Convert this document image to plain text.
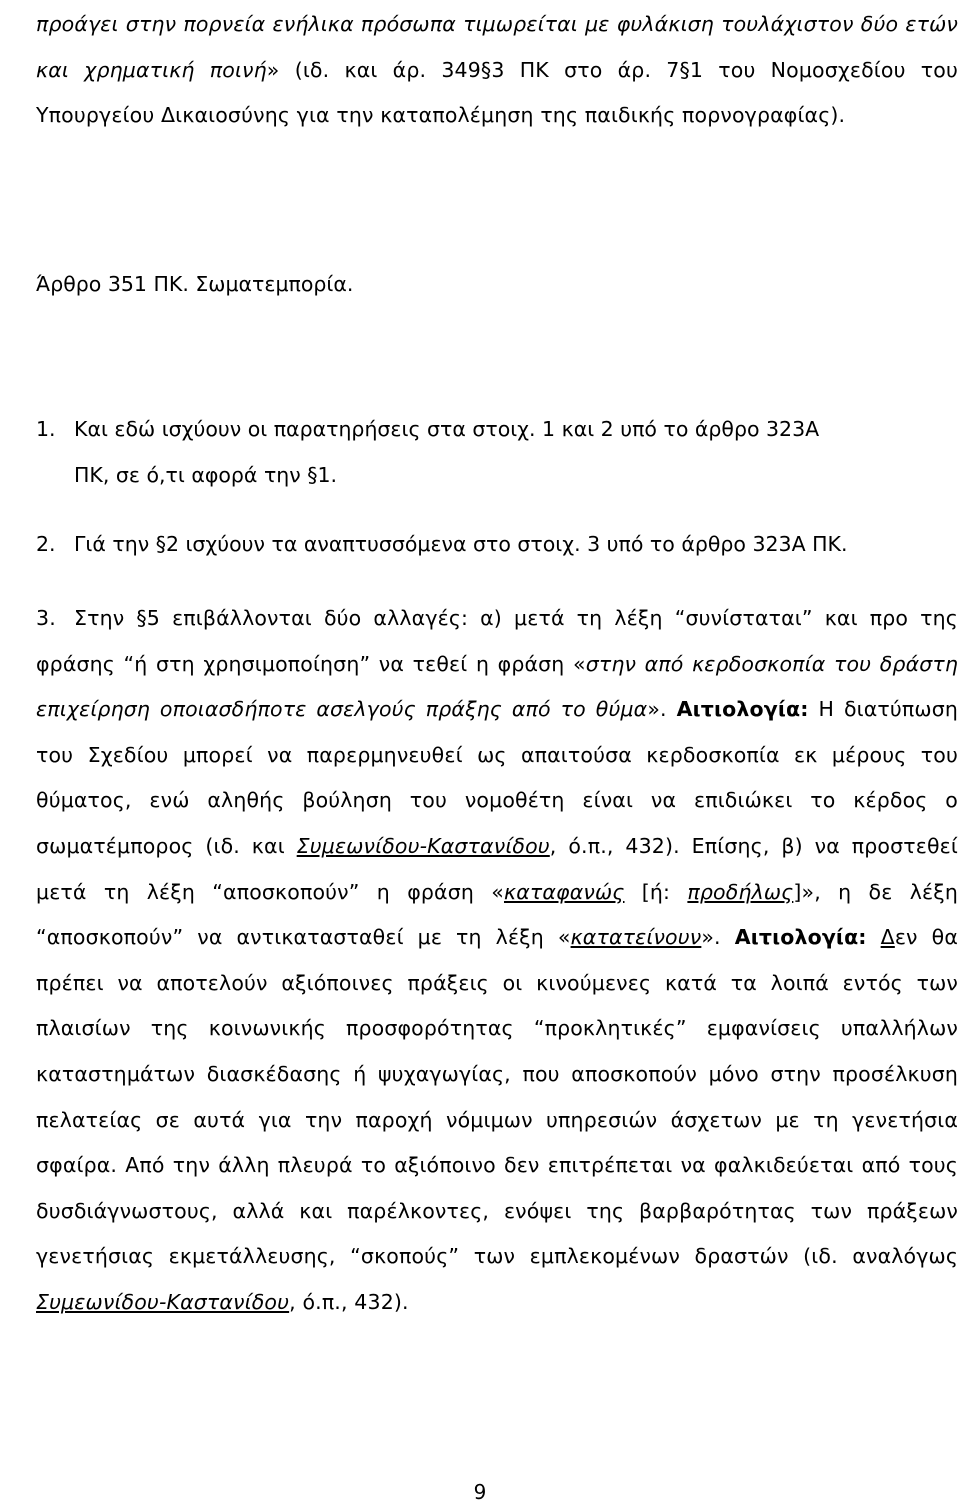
προάγει στην πορνεία ενήλικα πρόσωπα τιμωρείται με φυλάκιση τουλάχιστον δύο ετών και χρηματική ποινή» (ιδ. και άρ. 349§3 ΠΚ στο άρ. 7§1 του Νομοσχεδίου του Υπουργείου Δικαιοσύνης για την καταπολέμηση της παιδικής πορνογραφίας).

Άρθρο 351 ΠΚ. Σωματεμπορία.

1. Και εδώ ισχύουν οι παρατηρήσεις στα στοιχ. 1 και 2 υπό το άρθρο 323Α
ΠΚ, σε ό,τι αφορά την §1.
2. Γιά την §2 ισχύουν τα αναπτυσσόμενα στο στοιχ. 3 υπό το άρθρο 323Α ΠΚ.

3. Στην §5 επιβάλλονται δύο αλλαγές: α) μετά τη λέξη “συνίσταται” και προ της φράσης “ή στη χρησιμοποίηση” να τεθεί η φράση «στην από κερδοσκοπία του δράστη επιχείρηση οποιασδήποτε ασελγούς πράξης από το θύμα». Αιτιολογία: Η διατύπωση του Σχεδίου μπορεί να παρερμηνευθεί ως απαιτούσα κερδοσκοπία εκ μέρους του θύματος, ενώ αληθής βούληση του νομοθέτη είναι να επιδιώκει το κέρδος ο σωματέμπορος (ιδ. και Συμεωνίδου-Καστανίδου, ό.π., 432). Επίσης, β) να προστεθεί μετά τη λέξη “αποσκοπούν” η φράση «καταφανώς [ή: προδήλως]», η δε λέξη “αποσκοπούν” να αντικατασταθεί με τη λέξη «κατατείνουν». Αιτιολογία: Δεν θα πρέπει να αποτελούν αξιόποινες πράξεις οι κινούμενες κατά τα λοιπά εντός των πλαισίων της κοινωνικής προσφορότητας “προκλητικές” εμφανίσεις υπαλλήλων καταστημάτων διασκέδασης ή ψυχαγωγίας, που αποσκοπούν μόνο στην προσέλκυση πελατείας σε αυτά για την παροχή νόμιμων υπηρεσιών άσχετων με τη γενετήσια σφαίρα. Από την άλλη πλευρά το αξιόποινο δεν επιτρέπεται να φαλκιδεύεται από τους δυσδιάγνωστους, αλλά και παρέλκοντες, ενόψει της βαρβαρότητας των πράξεων γενετήσιας εκμετάλλευσης, “σκοπούς” των εμπλεκομένων δραστών (ιδ. αναλόγως Συμεωνίδου-Καστανίδου, ό.π., 432).

9
